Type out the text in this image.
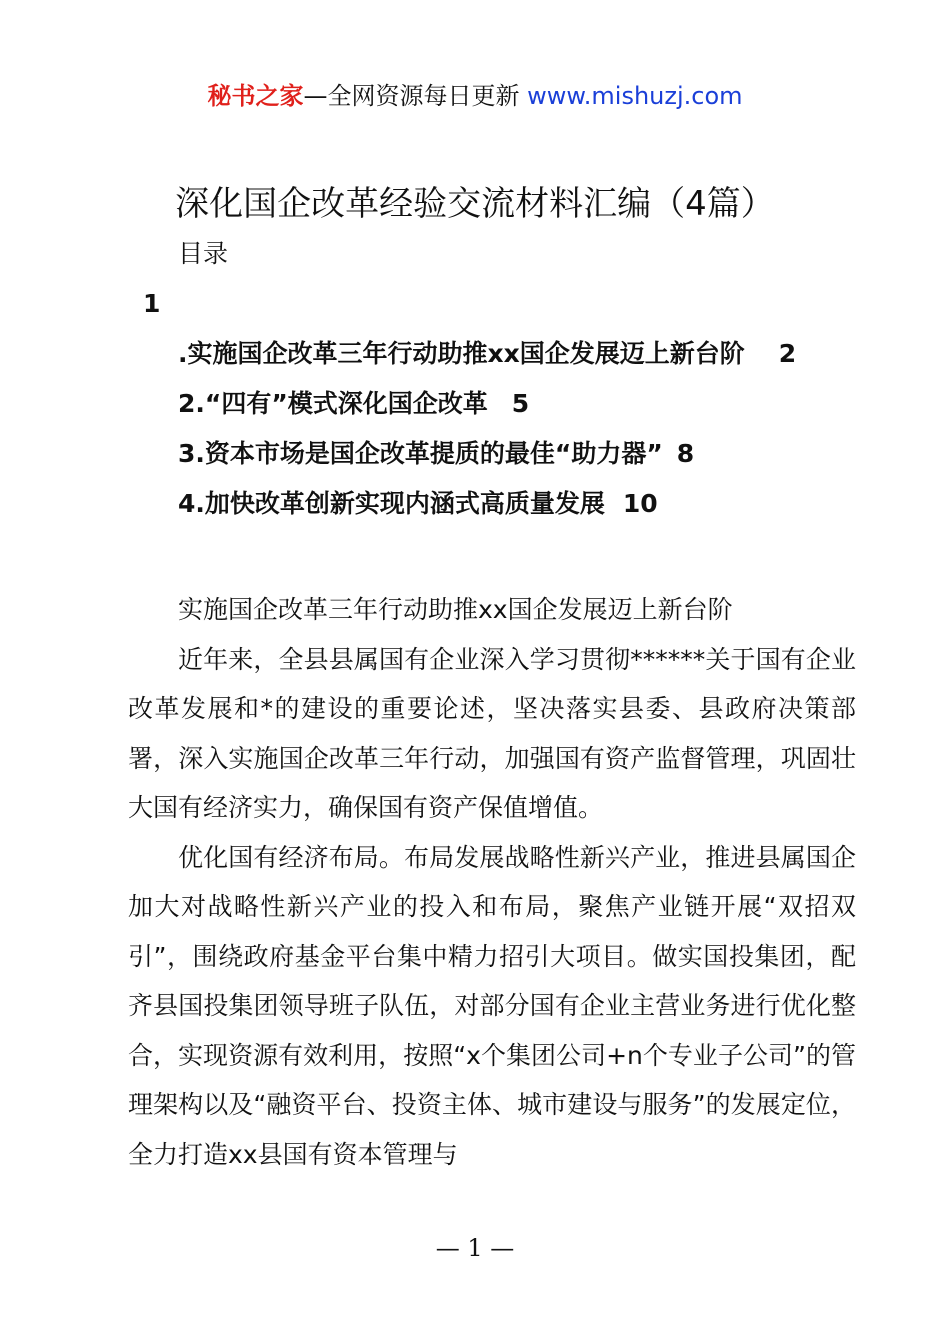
秘书之家—全网资源每日更新 www.mishuzj.com
深化国企改革经验交流材料汇编（4篇）
目录
1
.实施国企改革三年行动助推xx国企发展迈上新台阶 2
2.“四有”模式深化国企改革 5
3.资本市场是国企改革提质的最佳“助力器” 8
4.加快改革创新实现内涵式高质量发展 10

实施国企改革三年行动助推xx国企发展迈上新台阶

近年来，全县县属国有企业深入学习贯彻******关于国有企业改革发展和*的建设的重要论述，坚决落实县委、县政府决策部署，深入实施国企改革三年行动，加强国有资产监督管理，巩固壮大国有经济实力，确保国有资产保值增值。

优化国有经济布局。布局发展战略性新兴产业，推进县属国企加大对战略性新兴产业的投入和布局，聚焦产业链开展“双招双引”，围绕政府基金平台集中精力招引大项目。做实国投集团，配齐县国投集团领导班子队伍，对部分国有企业主营业务进行优化整合，实现资源有效利用，按照“x个集团公司+n个专业子公司”的管理架构以及“融资平台、投资主体、城市建设与服务”的发展定位，全力打造xx县国有资本管理与

— 1 —
